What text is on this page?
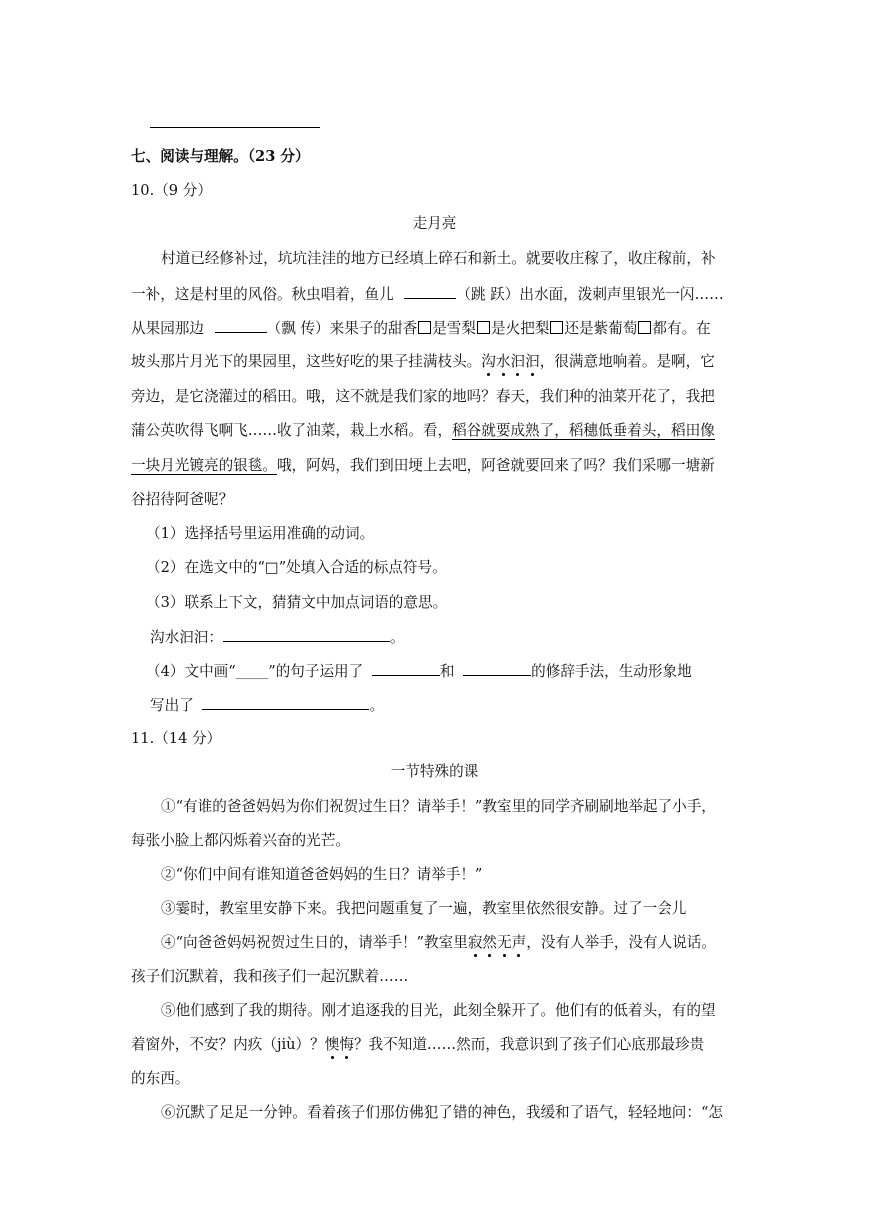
七、阅读与理解。（23 分）
10.（9 分）
走月亮
村道已经修补过，坑坑洼洼的地方已经填上碎石和新土。就要收庄稼了，收庄稼前，补
一补，这是村里的风俗。秋虫唱着，鱼儿	（跳 跃）出水面，泼刺声里银光一闪……
从果园那边	（飘 传）来果子的甜香 是雪梨 是火把梨 还是紫葡萄 都有。在
坡头那片月光下的果园里，这些好吃的果子挂满枝头。沟水汩汩，很满意地响着。是啊，它
旁边，是它浇灌过的稻田。哦，这不就是我们家的地吗？春天，我们种的油菜开花了，我把
蒲公英吹得飞啊飞……收了油菜，栽上水稻。看，稻谷就要成熟了，稻穗低垂着头，稻田像
一块月光镀亮的银毯。哦，阿妈，我们到田埂上去吧，阿爸就要回来了吗？我们采哪一塘新
谷招待阿爸呢？
（1）选择括号里运用准确的动词。
（2）在选文中的“□”处填入合适的标点符号。
（3）联系上下文，猜猜文中加点词语的意思。
沟水汩汩：	。
（4）文中画“_____”的句子运用了	和	的修辞手法，生动形象地
写出了	。
11.（14 分）
一节特殊的课
①“有谁的爸爸妈妈为你们祝贺过生日？请举手！”教室里的同学齐刷刷地举起了小手，
每张小脸上都闪烁着兴奋的光芒。
②“你们中间有谁知道爸爸妈妈的生日？请举手！”
③霎时，教室里安静下来。我把问题重复了一遍，教室里依然很安静。过了一会儿
④“向爸爸妈妈祝贺过生日的，请举手！”教室里寂然无声，没有人举手，没有人说话。
孩子们沉默着，我和孩子们一起沉默着……
⑤他们感到了我的期待。刚才追逐我的目光，此刻全躲开了。他们有的低着头，有的望
着窗外，不安？内疚（jiù）？懊悔？我不知道……然而，我意识到了孩子们心底那最珍贵
的东西。
⑥沉默了足足一分钟。看着孩子们那仿佛犯了错的神色，我缓和了语气，轻轻地问：“怎
